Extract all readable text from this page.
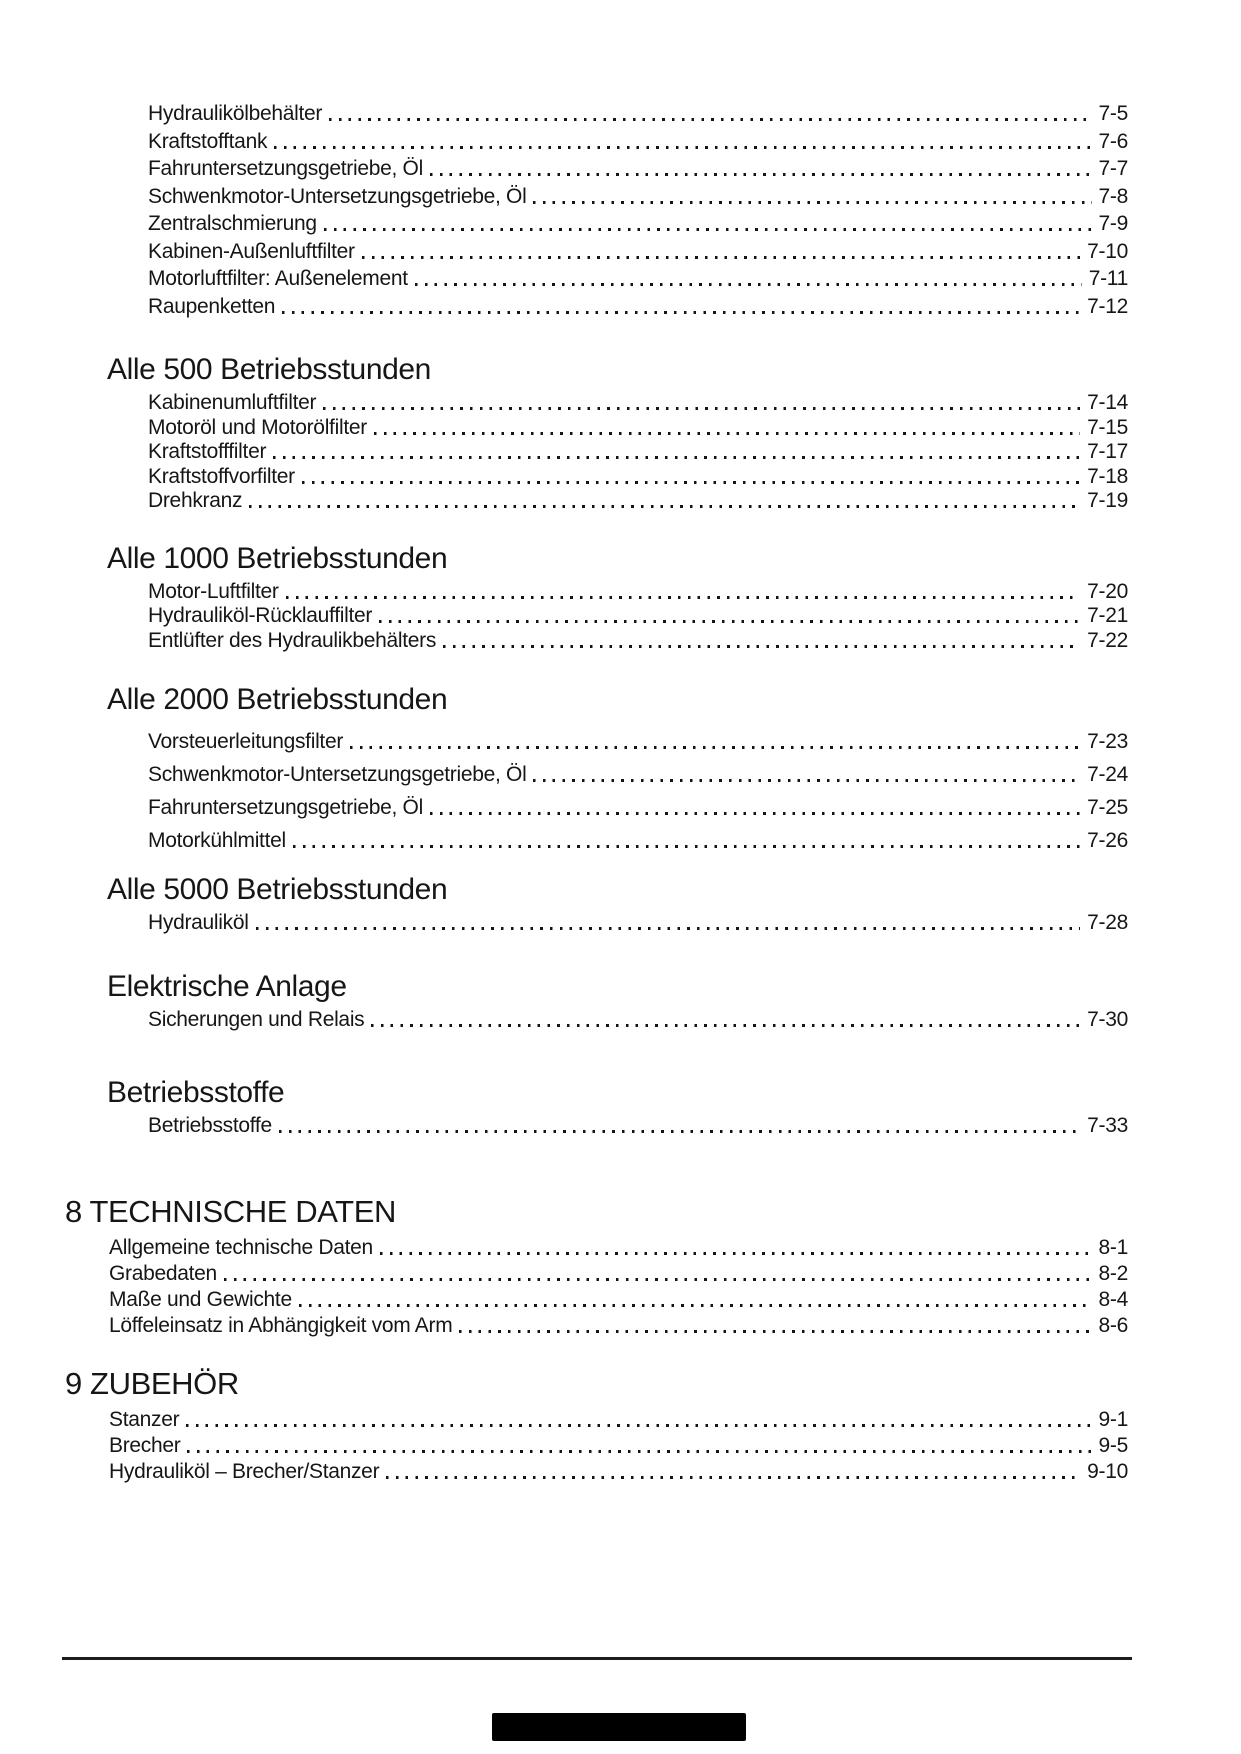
Hydraulikölbehälter	7-5
Kraftstofftank	7-6
Fahruntersetzungsgetriebe, Öl	7-7
Schwenkmotor-Untersetzungsgetriebe, Öl	7-8
Zentralschmierung	7-9
Kabinen-Außenluftfilter	7-10
Motorluftfilter: Außenelement	7-11
Raupenketten	7-12
Alle 500 Betriebsstunden
Kabinenumluftfilter	7-14
Motoröl und Motorölfilter	7-15
Kraftstofffilter	7-17
Kraftstoffvorfilter	7-18
Drehkranz	7-19
Alle 1000 Betriebsstunden
Motor-Luftfilter	7-20
Hydrauliköl-Rücklauffilter	7-21
Entlüfter des Hydraulikbehälters	7-22
Alle 2000 Betriebsstunden
Vorsteuerleitungsfilter	7-23
Schwenkmotor-Untersetzungsgetriebe, Öl	7-24
Fahruntersetzungsgetriebe, Öl	7-25
Motorkühlmittel	7-26
Alle 5000 Betriebsstunden
Hydrauliköl	7-28
Elektrische Anlage
Sicherungen und Relais	7-30
Betriebsstoffe
Betriebsstoffe	7-33
8 TECHNISCHE DATEN
Allgemeine technische Daten	8-1
Grabedaten	8-2
Maße und Gewichte	8-4
Löffeleinsatz in Abhängigkeit vom Arm	8-6
9 ZUBEHÖR
Stanzer	9-1
Brecher	9-5
Hydrauliköl – Brecher/Stanzer	9-10
